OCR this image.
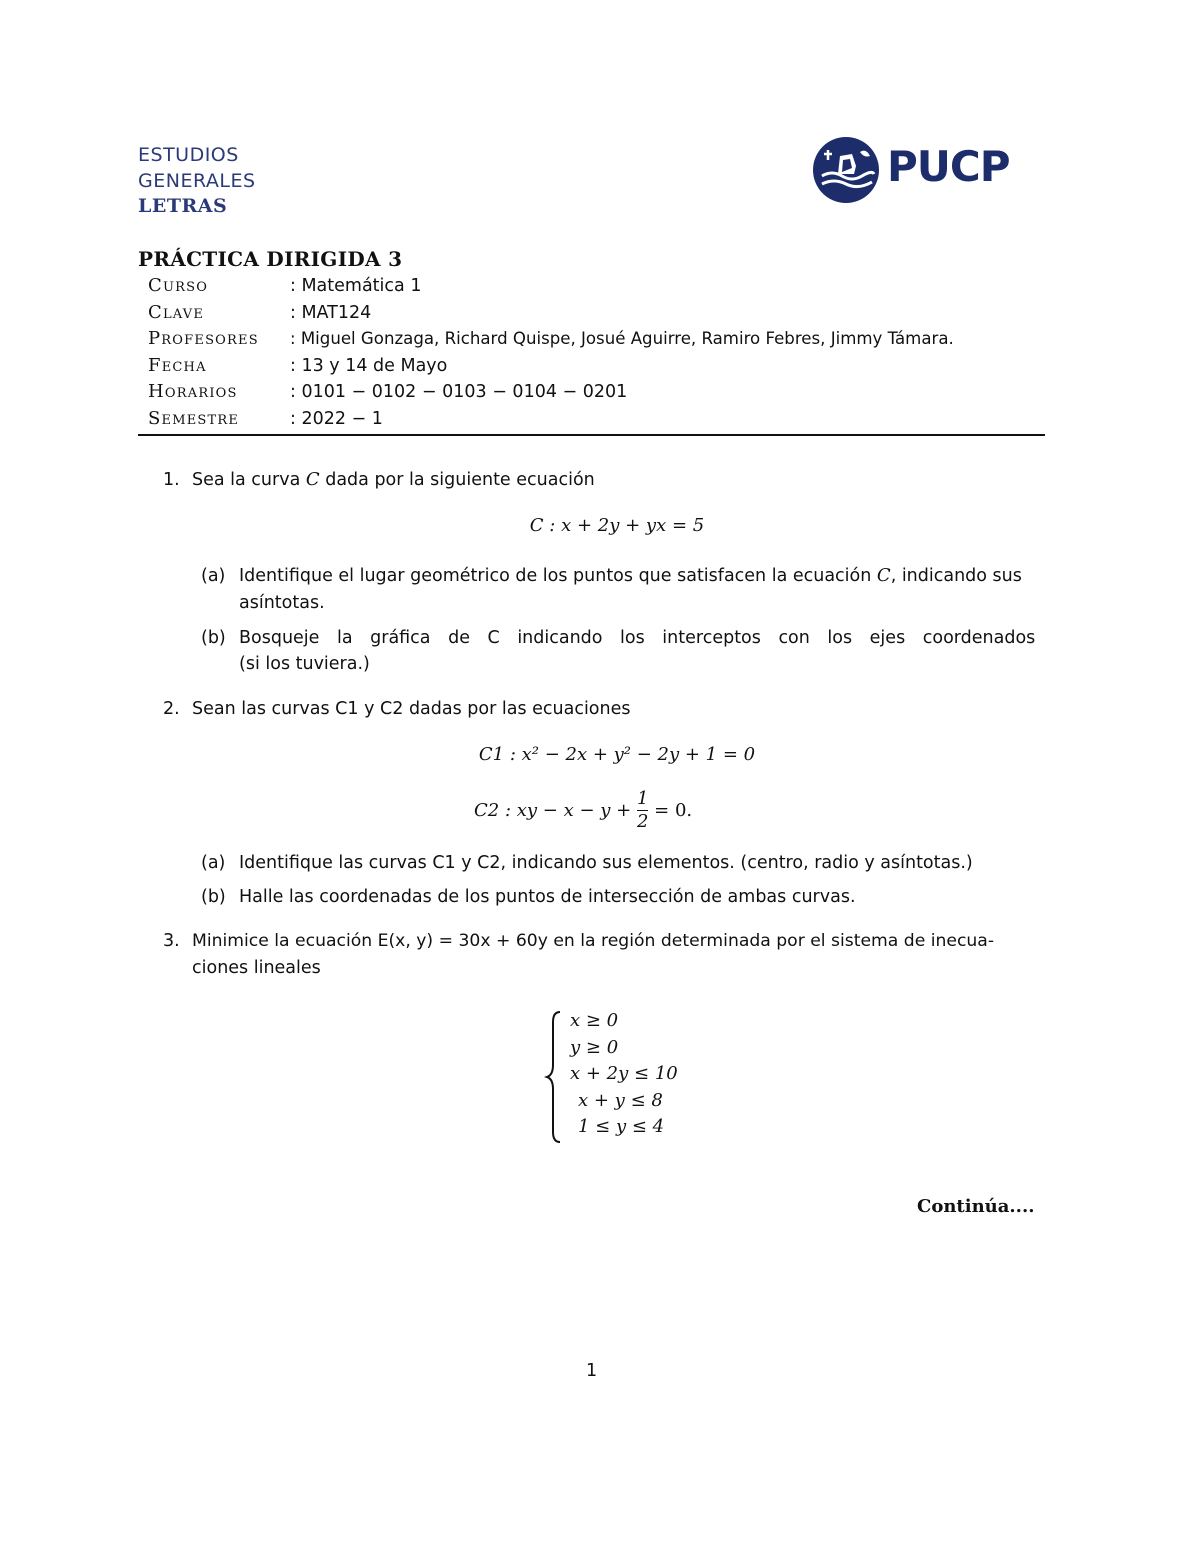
ESTUDIOS
GENERALES
LETRAS
PUCP
PRÁCTICA DIRIGIDA 3
Curso	: Matemática 1
Clave	: MAT124
Profesores : Miguel Gonzaga, Richard Quispe, Josué Aguirre, Ramiro Febres, Jimmy Támara.
Fecha	: 13 y 14 de Mayo
Horarios	: 0101 − 0102 − 0103 − 0104 − 0201
Semestre	: 2022 − 1
1. Sea la curva C dada por la siguiente ecuación
C : x + 2y + yx = 5
(a) Identifique el lugar geométrico de los puntos que satisfacen la ecuación C, indicando sus
asíntotas.
(b) Bosqueje la gráfica de C indicando los interceptos con los ejes coordenados
(si los tuviera.)
2. Sean las curvas C1 y C2 dadas por las ecuaciones
C1 : x² − 2x + y² − 2y + 1 = 0
C2 : xy − $x - y + \frac{1}{2} = 0$.
(a) Identifique las curvas C1 y C2, indicando sus elementos. (centro, radio y asíntotas.)
(b) Halle las coordenadas de los puntos de intersección de ambas curvas.
3. Minimice la ecuación E(x, y) = 30x + 60y en la región determinada por el sistema de inecua-
ciones lineales
x ≥ 0
y ≥ 0
x + 2y ≤ 10
x + y ≤ 8
1 ≤ y ≤ 4
Continúa....
1
